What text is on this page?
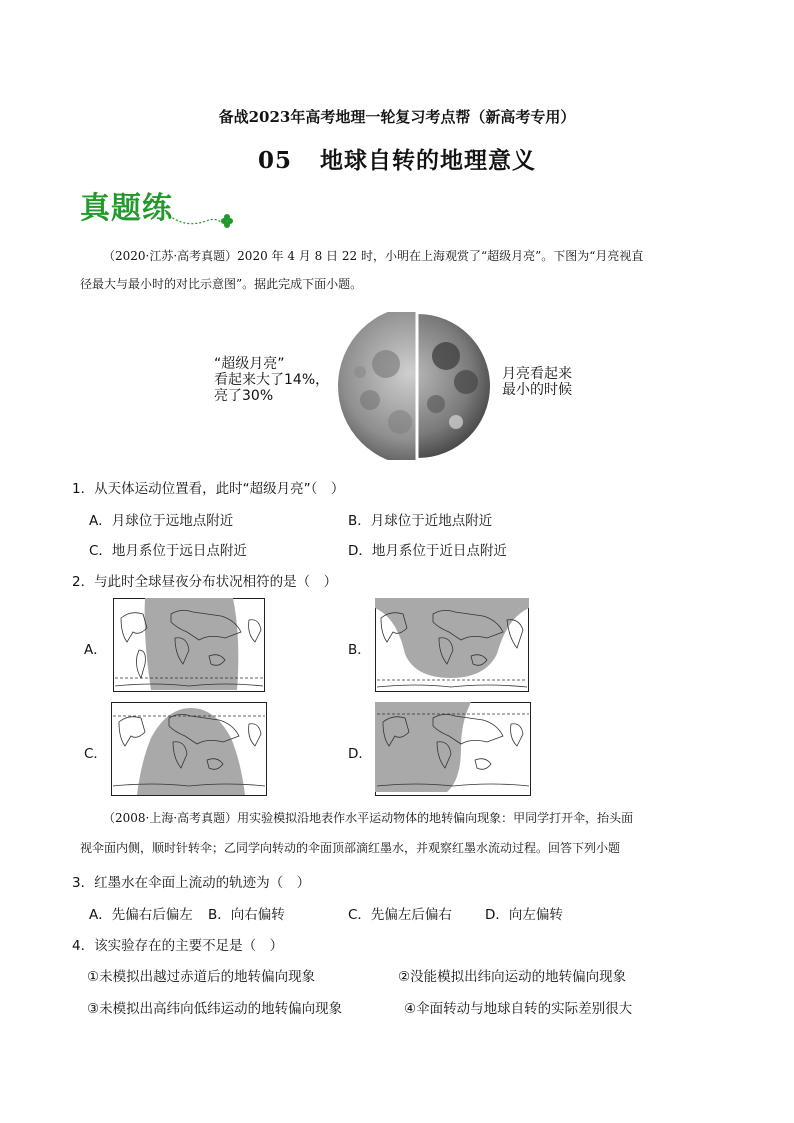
备战2023年高考地理一轮复习考点帮（新高考专用）
05 地球自转的地理意义
真题练
（2020·江苏·高考真题）2020 年 4 月 8 日 22 时，小明在上海观赏了“超级月亮”。下图为“月亮视直
径最大与最小时的对比示意图”。据此完成下面小题。
“超级月亮”
看起来大了14%，
亮了30%
月亮看起来
最小的时候
1．从天体运动位置看，此时“超级月亮”（　）
A．月球位于远地点附近	B．月球位于近地点附近
C．地月系位于远日点附近	D．地月系位于近日点附近
2．与此时全球昼夜分布状况相符的是（　）
A．	B．
C．	D．
（2008·上海·高考真题）用实验模拟沿地表作水平运动物体的地转偏向现象：甲同学打开伞，抬头面
视伞面内侧，顺时针转伞；乙同学向转动的伞面顶部滴红墨水，并观察红墨水流动过程。回答下列小题
3．红墨水在伞面上流动的轨迹为（　）
A．先偏右后偏左 B．向右偏转	C．先偏左后偏右 D．向左偏转
4．该实验存在的主要不足是（　）
①未模拟出越过赤道后的地转偏向现象	②没能模拟出纬向运动的地转偏向现象
③未模拟出高纬向低纬运动的地转偏向现象	④伞面转动与地球自转的实际差别很大
